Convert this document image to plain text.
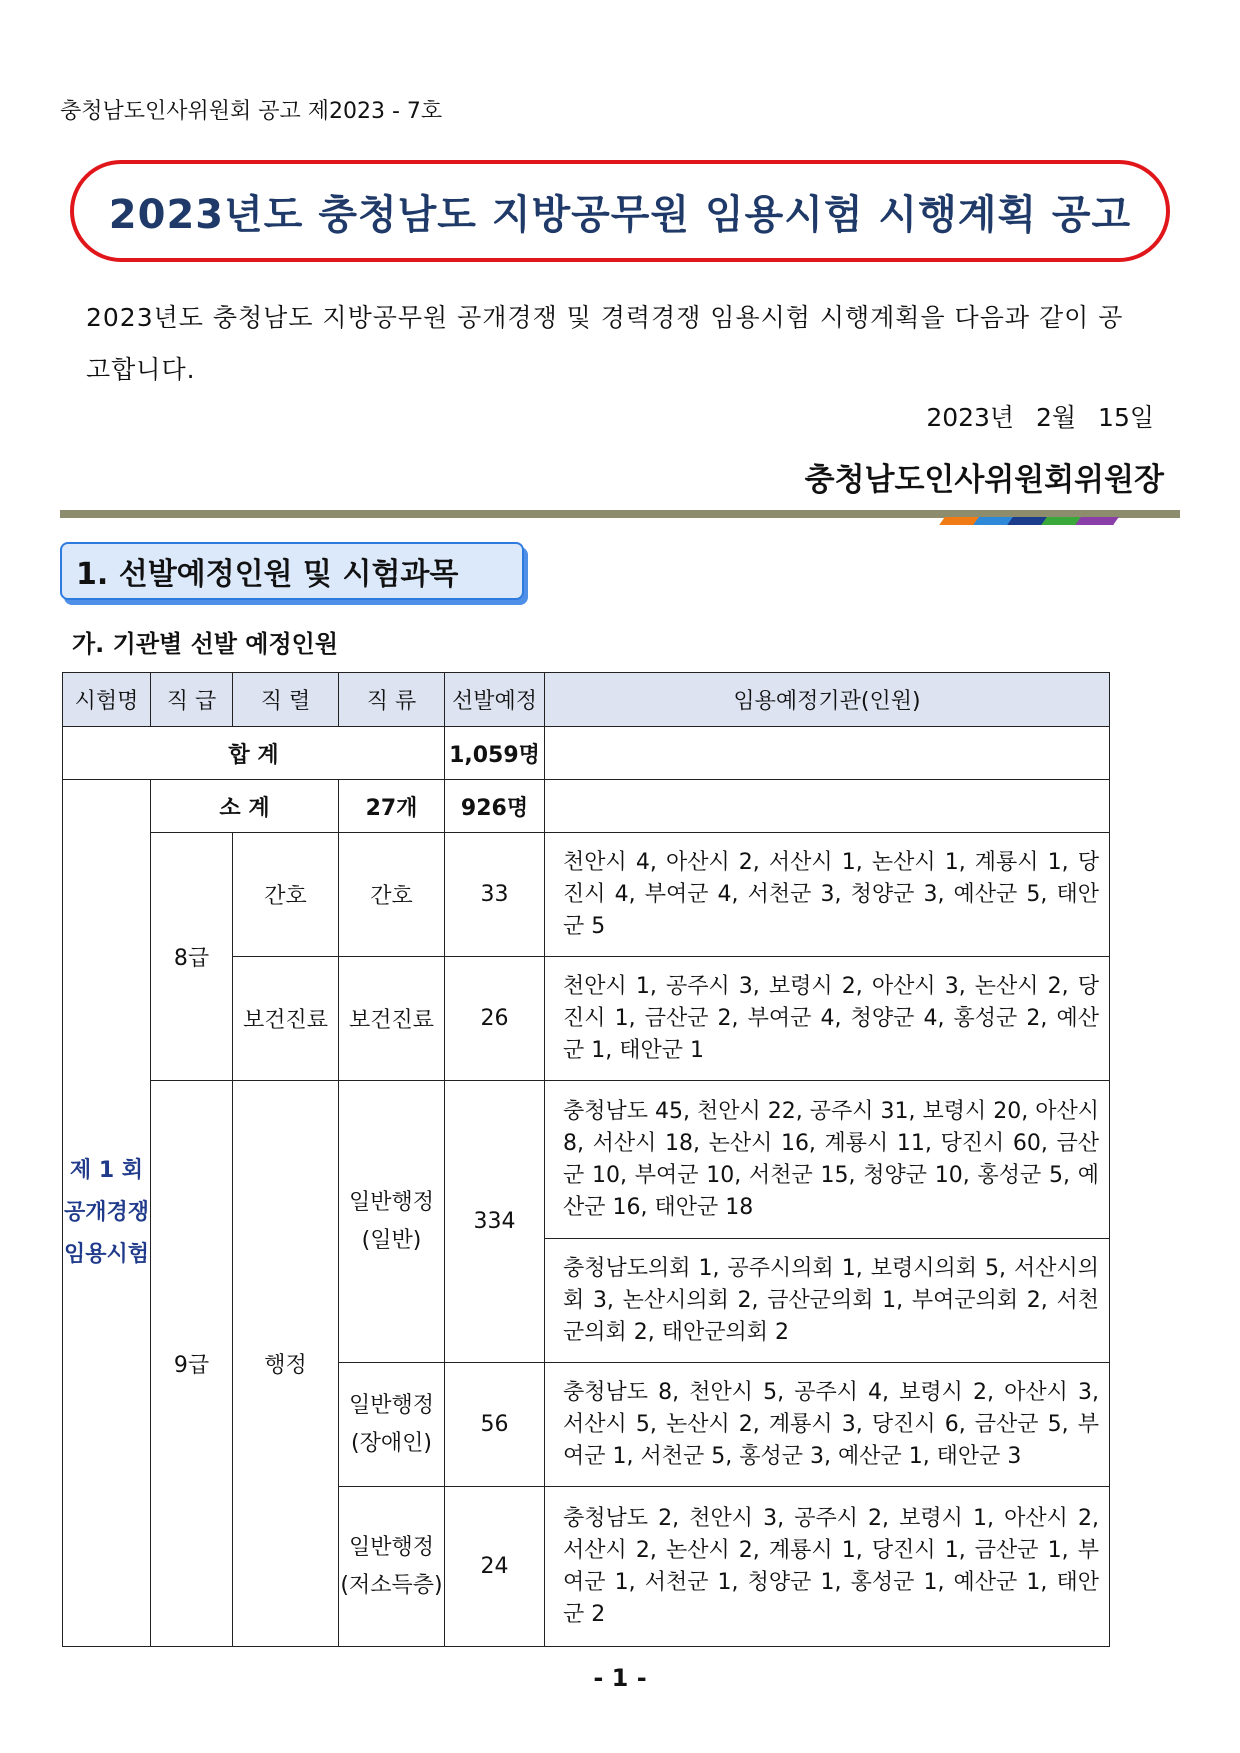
충청남도인사위원회 공고 제2023 - 7호
2023년도 충청남도 지방공무원 임용시험 시행계획 공고
2023년도 충청남도 지방공무원 공개경쟁 및 경력경쟁 임용시험 시행계획을 다음과 같이 공고합니다.
2023년 2월 15일
충청남도인사위원회위원장
1. 선발예정인원 및 시험과목
가. 기관별 선발 예정인원
시험명	직 급	직 렬	직 류	선발예정	임용예정기관(인원)
합 계				1,059명	

제 1 회
공개경쟁
임용시험	소 계		27개	926명	
	8급	간호	간호	33	천안시 4, 아산시 2, 서산시 1, 논산시 1, 계룡시 1, 당진시 4, 부여군 4, 서천군 3, 청양군 3, 예산군 5, 태안군 5
		보건진료	보건진료	26	천안시 1, 공주시 3, 보령시 2, 아산시 3, 논산시 2, 당진시 1, 금산군 2, 부여군 4, 청양군 4, 홍성군 2, 예산군 1, 태안군 1
	9급	행정	일반행정
(일반)	334	충청남도 45, 천안시 22, 공주시 31, 보령시 20, 아산시 8, 서산시 18, 논산시 16, 계룡시 11, 당진시 60, 금산군 10, 부여군 10, 서천군 15, 청양군 10, 홍성군 5, 예산군 16, 태안군 18
					충청남도의회 1, 공주시의회 1, 보령시의회 5, 서산시의회 3, 논산시의회 2, 금산군의회 1, 부여군의회 2, 서천군의회 2, 태안군의회 2

			일반행정
(장애인)	56	충청남도 8, 천안시 5, 공주시 4, 보령시 2, 아산시 3, 서산시 5, 논산시 2, 계룡시 3, 당진시 6, 금산군 5, 부여군 1, 서천군 5, 홍성군 3, 예산군 1, 태안군 3

			일반행정
(저소득층)	24	충청남도 2, 천안시 3, 공주시 2, 보령시 1, 아산시 2, 서산시 2, 논산시 2, 계룡시 1, 당진시 1, 금산군 1, 부여군 1, 서천군 1, 청양군 1, 홍성군 1, 예산군 1, 태안군 2
- 1 -
